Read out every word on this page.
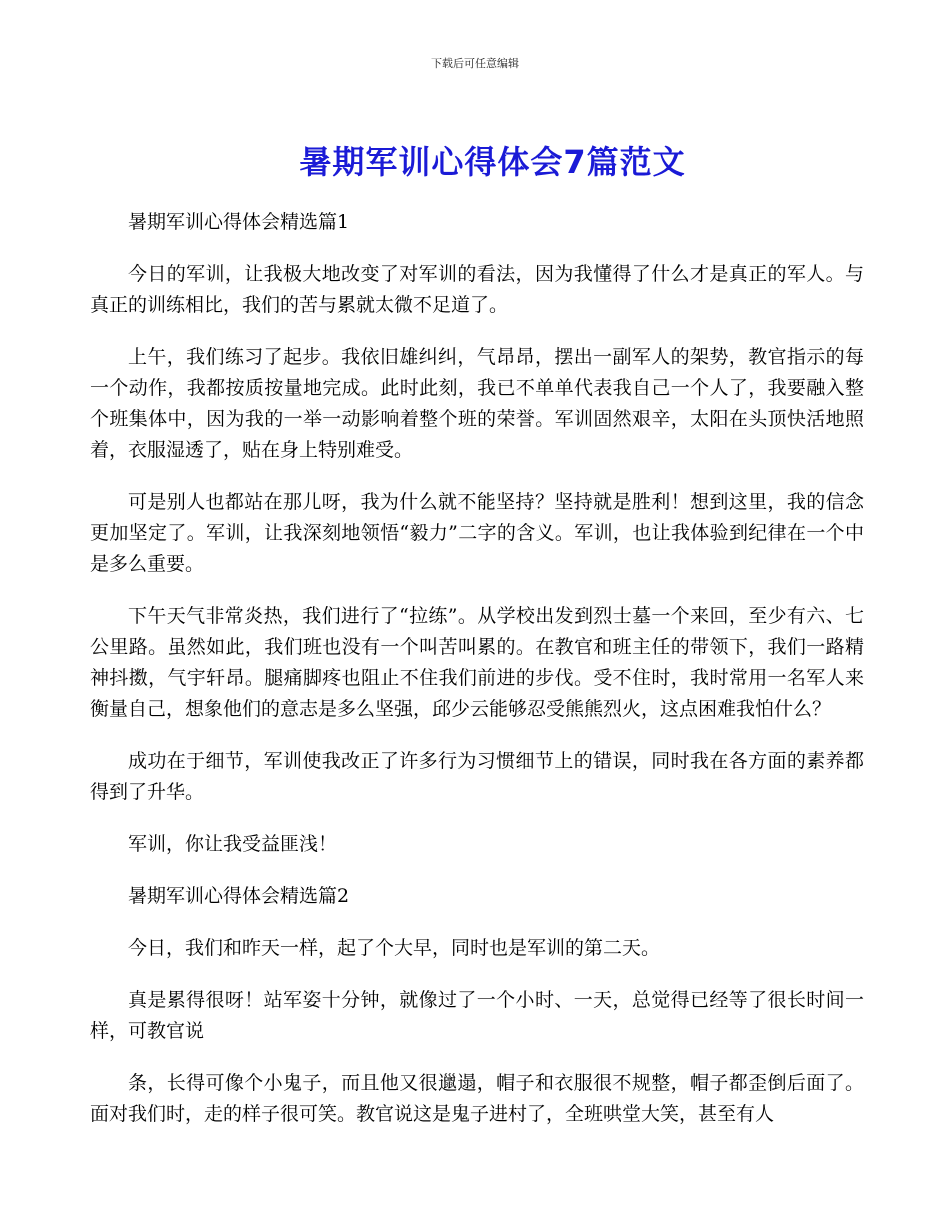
下载后可任意编辑
暑期军训心得体会7篇范文

暑期军训心得体会精选篇1

今日的军训，让我极大地改变了对军训的看法，因为我懂得了什么才是真正的军人。与真正的训练相比，我们的苦与累就太微不足道了。

上午，我们练习了起步。我依旧雄纠纠，气昂昂，摆出一副军人的架势，教官指示的每一个动作，我都按质按量地完成。此时此刻，我已不单单代表我自己一个人了，我要融入整个班集体中，因为我的一举一动影响着整个班的荣誉。军训固然艰辛，太阳在头顶快活地照着，衣服湿透了，贴在身上特别难受。

可是别人也都站在那儿呀，我为什么就不能坚持？坚持就是胜利！想到这里，我的信念更加坚定了。军训，让我深刻地领悟“毅力”二字的含义。军训，也让我体验到纪律在一个中是多么重要。

下午天气非常炎热，我们进行了“拉练”。从学校出发到烈士墓一个来回，至少有六、七公里路。虽然如此，我们班也没有一个叫苦叫累的。在教官和班主任的带领下，我们一路精神抖擞，气宇轩昂。腿痛脚疼也阻止不住我们前进的步伐。受不住时，我时常用一名军人来衡量自己，想象他们的意志是多么坚强，邱少云能够忍受熊熊烈火，这点困难我怕什么？

成功在于细节，军训使我改正了许多行为习惯细节上的错误，同时我在各方面的素养都得到了升华。

军训，你让我受益匪浅！

暑期军训心得体会精选篇2

今日，我们和昨天一样，起了个大早，同时也是军训的第二天。

真是累得很呀！站军姿十分钟，就像过了一个小时、一天，总觉得已经等了很长时间一样，可教官说

条，长得可像个小鬼子，而且他又很邋遢，帽子和衣服很不规整，帽子都歪倒后面了。面对我们时，走的样子很可笑。教官说这是鬼子进村了，全班哄堂大笑，甚至有人
